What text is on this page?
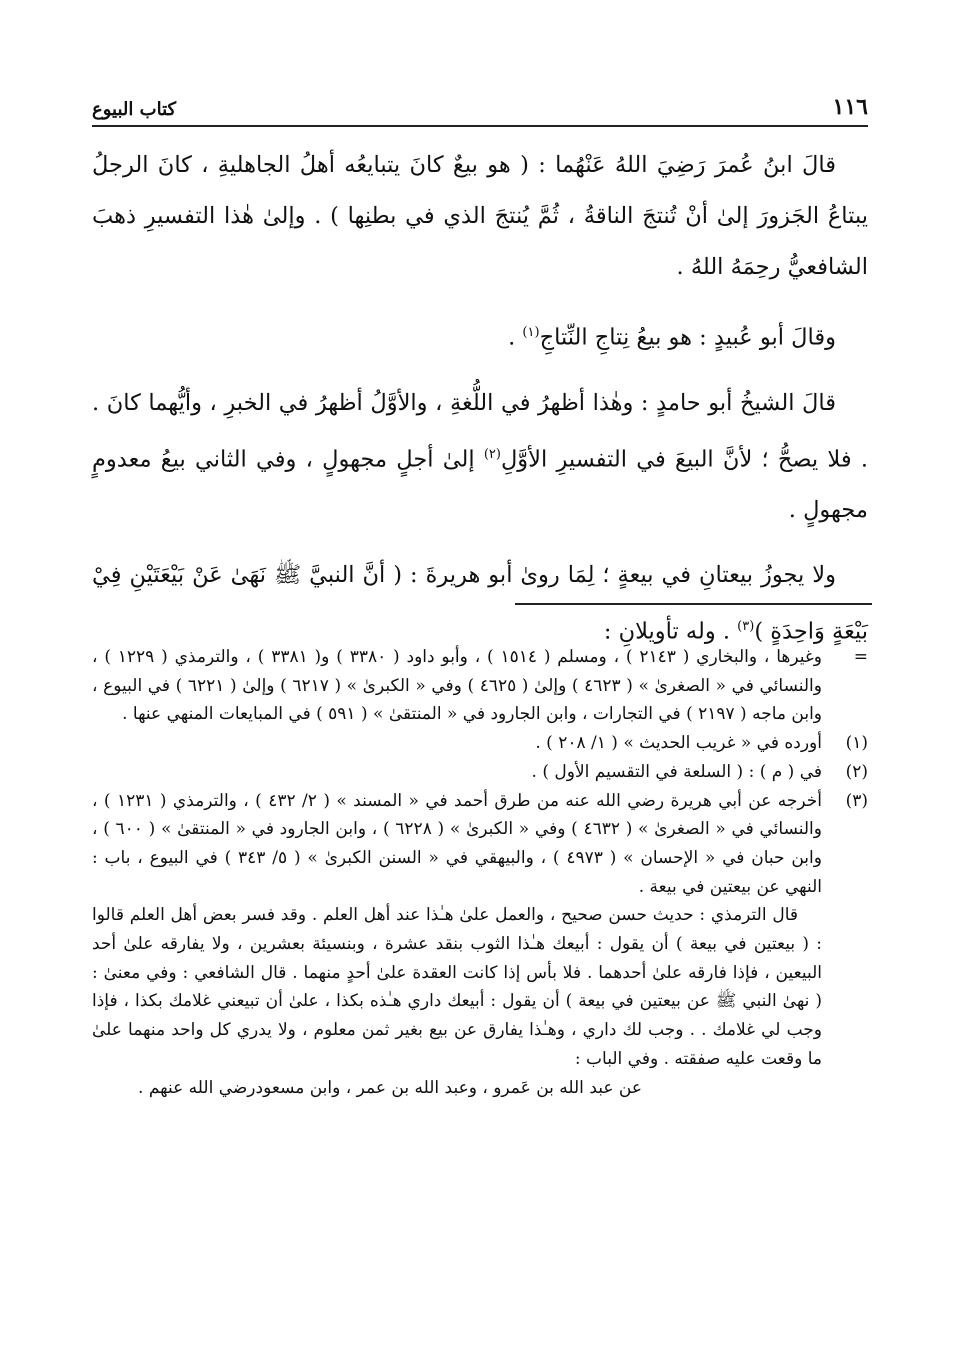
١١٦
كتاب البيوع

قالَ ابنُ عُمرَ رَضِيَ اللهُ عَنْهُما : ( هو بيعٌ كانَ يتبايعُه أهلُ الجاهليةِ ، كانَ الرجلُ يبتاعُ الجَزورَ إلىٰ أنْ تُنتجَ الناقةُ ، ثُمَّ يُنتجَ الذي في بطنِها ) . وإلىٰ هٰذا التفسيرِ ذهبَ الشافعيُّ رحِمَهُ اللهُ .

وقالَ أبو عُبيدٍ : هو بيعُ نِتاجِ النِّتاجِ$^{(١)}$ .

قالَ الشيخُ أبو حامدٍ : وهٰذا أظهرُ في اللُّغةِ ، والأوَّلُ أظهرُ في الخبرِ ، وأيُّهما كانَ . . فلا يصحُّ ؛ لأنَّ البيعَ في التفسيرِ الأوَّلِ$^{(٢)}$ إلىٰ أجلٍ مجهولٍ ، وفي الثاني بيعُ معدومٍ مجهولٍ .

ولا يجوزُ بيعتانِ في بيعةٍ ؛ لِمَا روىٰ أبو هريرةَ : ( أنَّ النبيَّ ﷺ نَهَىٰ عَنْ بَيْعَتَيْنِ فِيْ بَيْعَةٍ وَاحِدَةٍ )$^{(٣)}$ . وله تأويلانِ :

=
وغيرها ، والبخاري ( ٢١٤٣ ) ، ومسلم ( ١٥١٤ ) ، وأبو داود ( ٣٣٨٠ ) و( ٣٣٨١ ) ، والترمذي ( ١٢٢٩ ) ، والنسائي في « الصغرىٰ » ( ٤٦٢٣ ) وإلىٰ ( ٤٦٢٥ ) وفي « الكبرىٰ » ( ٦٢١٧ ) وإلىٰ ( ٦٢٢١ ) في البيوع ، وابن ماجه ( ٢١٩٧ ) في التجارات ، وابن الجارود في « المنتقىٰ » ( ٥٩١ ) في المبايعات المنهي عنها .
(١)
أورده في « غريب الحديث » ( ١/ ٢٠٨ ) .
(٢)
في ( م ) : ( السلعة في التقسيم الأول ) .
(٣)
أخرجه عن أبي هريرة رضي الله عنه من طرق أحمد في « المسند » ( ٢/ ٤٣٢ ) ، والترمذي ( ١٢٣١ ) ، والنسائي في « الصغرىٰ » ( ٤٦٣٢ ) وفي « الكبرىٰ » ( ٦٢٢٨ ) ، وابن الجارود في « المنتقىٰ » ( ٦٠٠ ) ، وابن حبان في « الإحسان » ( ٤٩٧٣ ) ، والبيهقي في « السنن الكبرىٰ » ( ٥/ ٣٤٣ ) في البيوع ، باب : النهي عن بيعتين في بيعة .

قال الترمذي : حديث حسن صحيح ، والعمل علىٰ هـٰذا عند أهل العلم . وقد فسر بعض أهل العلم قالوا : ( بيعتين في بيعة ) أن يقول : أبيعك هـٰذا الثوب بنقد عشرة ، وبنسيئة بعشرين ، ولا يفارقه علىٰ أحد البيعين ، فإذا فارقه علىٰ أحدهما . فلا بأس إذا كانت العقدة علىٰ أحدٍ منهما . قال الشافعي : وفي معنىٰ : ( نهىٰ النبي ﷺ عن بيعتين في بيعة ) أن يقول : أبيعك داري هـٰذه بكذا ، علىٰ أن تبيعني غلامك بكذا ، فإذا وجب لي غلامك . . وجب لك داري ، وهـٰذا يفارق عن بيع بغير ثمن معلوم ، ولا يدري كل واحد منهما علىٰ ما وقعت عليه صفقته . وفي الباب :

عن عبد الله بن عَمرو ، وعبد الله بن عمر ، وابن مسعودرضي الله عنهم .
